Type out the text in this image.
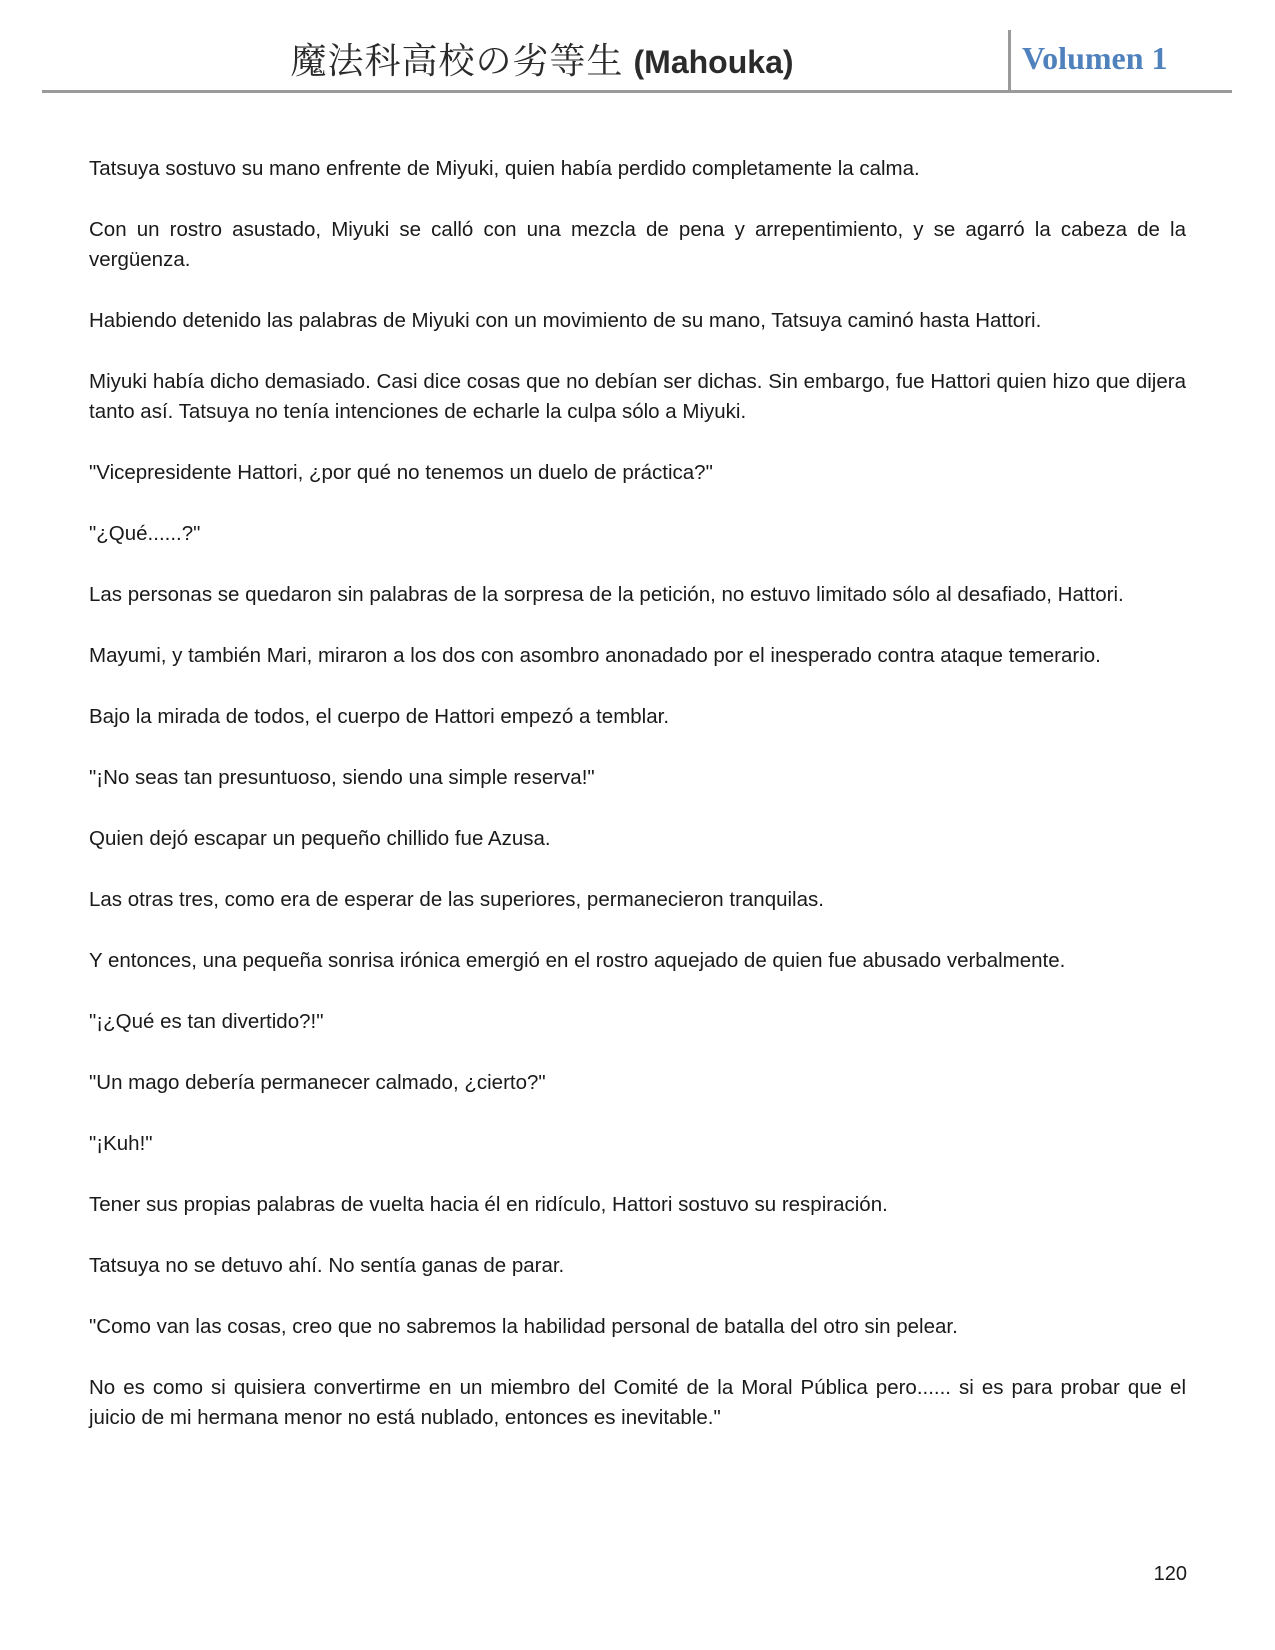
魔法科高校の劣等生 (Mahouka)	Volumen 1

Tatsuya sostuvo su mano enfrente de Miyuki, quien había perdido completamente la calma.

Con un rostro asustado, Miyuki se calló con una mezcla de pena y arrepentimiento, y se agarró la cabeza de la vergüenza.

Habiendo detenido las palabras de Miyuki con un movimiento de su mano, Tatsuya caminó hasta Hattori.

Miyuki había dicho demasiado. Casi dice cosas que no debían ser dichas. Sin embargo, fue Hattori quien hizo que dijera tanto así. Tatsuya no tenía intenciones de echarle la culpa sólo a Miyuki.

"Vicepresidente Hattori, ¿por qué no tenemos un duelo de práctica?"

"¿Qué......?"

Las personas se quedaron sin palabras de la sorpresa de la petición, no estuvo limitado sólo al desafiado, Hattori.

Mayumi, y también Mari, miraron a los dos con asombro anonadado por el inesperado contra ataque temerario.

Bajo la mirada de todos, el cuerpo de Hattori empezó a temblar.

"¡No seas tan presuntuoso, siendo una simple reserva!"

Quien dejó escapar un pequeño chillido fue Azusa.

Las otras tres, como era de esperar de las superiores, permanecieron tranquilas.

Y entonces, una pequeña sonrisa irónica emergió en el rostro aquejado de quien fue abusado verbalmente.

"¡¿Qué es tan divertido?!"

"Un mago debería permanecer calmado, ¿cierto?"

"¡Kuh!"

Tener sus propias palabras de vuelta hacia él en ridículo, Hattori sostuvo su respiración.

Tatsuya no se detuvo ahí. No sentía ganas de parar.

"Como van las cosas, creo que no sabremos la habilidad personal de batalla del otro sin pelear.

No es como si quisiera convertirme en un miembro del Comité de la Moral Pública pero...... si es para probar que el juicio de mi hermana menor no está nublado, entonces es inevitable."

120
